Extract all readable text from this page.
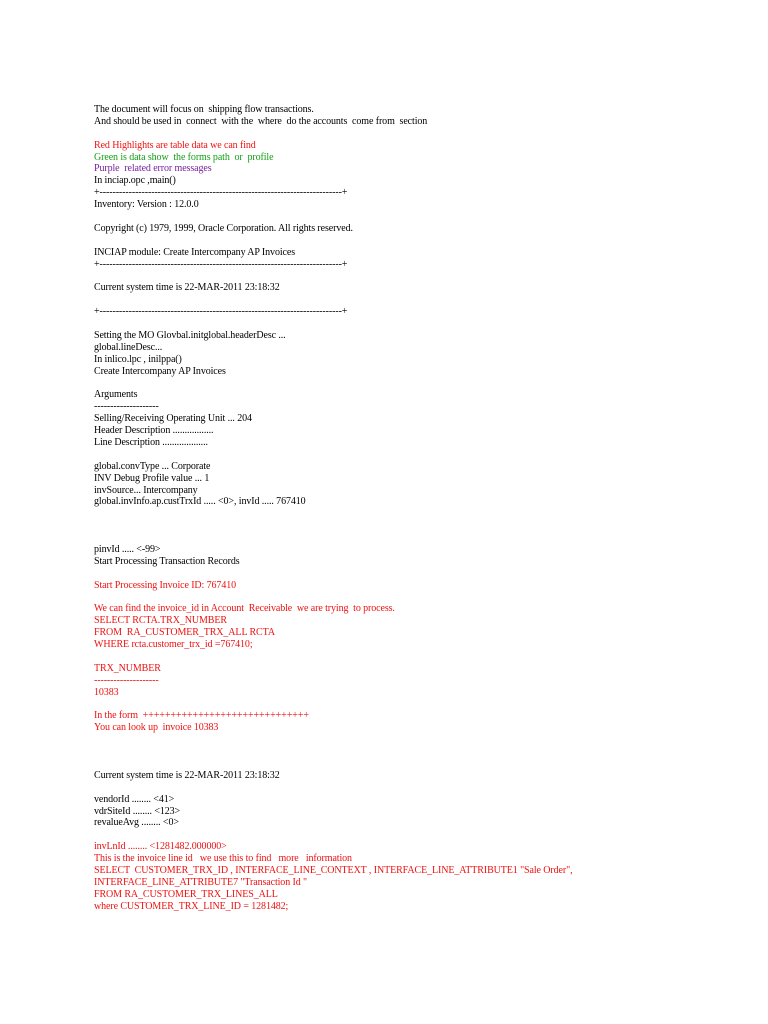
The document will focus on  shipping flow transactions.
And should be used in  connect  with the  where  do the accounts  come from  section
Red Highlights are table data we can find
Green is data show  the forms path  or  profile
Purple  related error messages
In inciap.opc ,main()
+---------------------------------------------------------------------------+
Inventory: Version : 12.0.0
Copyright (c) 1979, 1999, Oracle Corporation. All rights reserved.
INCIAP module: Create Intercompany AP Invoices
+---------------------------------------------------------------------------+
Current system time is 22-MAR-2011 23:18:32
+---------------------------------------------------------------------------+
Setting the MO Glovbal.initglobal.headerDesc ...
global.lineDesc...
In inlico.lpc , inilppa()
Create Intercompany AP Invoices
Arguments
--------------------
Selling/Receiving Operating Unit ... 204
Header Description .................
Line Description ...................
global.convType ... Corporate
INV Debug Profile value ... 1
invSource... Intercompany
global.invInfo.ap.custTrxId ..... <0>, invId ..... 767410
pinvId ..... <-99>
Start Processing Transaction Records
Start Processing Invoice ID: 767410
We can find the invoice_id in Account  Receivable  we are trying  to process.
SELECT RCTA.TRX_NUMBER
FROM  RA_CUSTOMER_TRX_ALL RCTA
WHERE rcta.customer_trx_id =767410;
TRX_NUMBER
--------------------
10383
In the form  ++++++++++++++++++++++++++++++
You can look up  invoice 10383
Current system time is 22-MAR-2011 23:18:32
vendorId ........ <41>
vdrSiteId ........ <123>
revalueAvg ........ <0>
invLnId ........ <1281482.000000>
This is the invoice line id   we use this to find   more   information
SELECT  CUSTOMER_TRX_ID , INTERFACE_LINE_CONTEXT , INTERFACE_LINE_ATTRIBUTE1 "Sale Order",
INTERFACE_LINE_ATTRIBUTE7 "Transaction Id "
FROM RA_CUSTOMER_TRX_LINES_ALL
where CUSTOMER_TRX_LINE_ID = 1281482;
